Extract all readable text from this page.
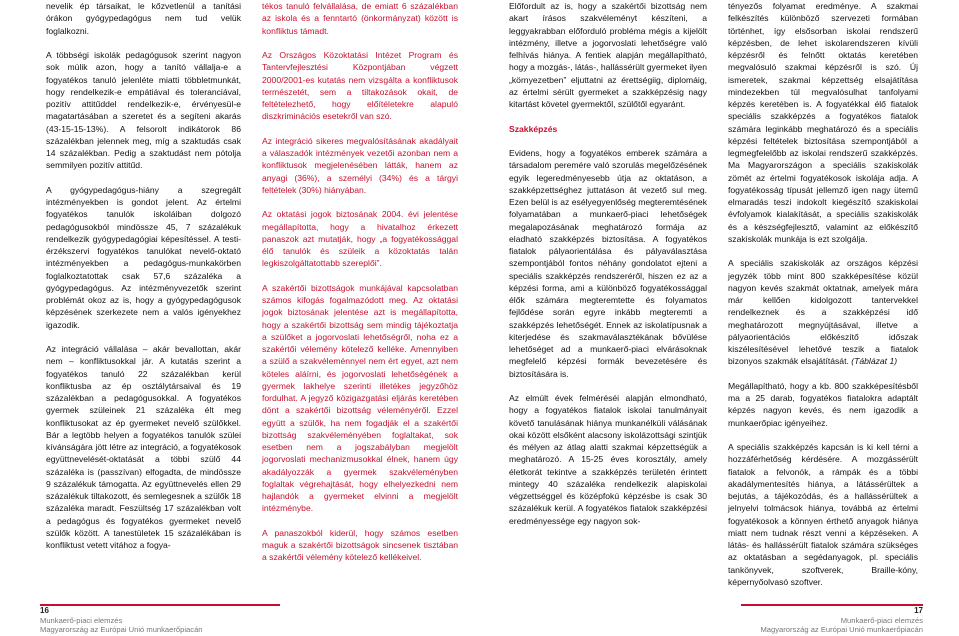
nevelik ép társaikat, le kőzvetlenül a tanítási órákon gyógypedagógus nem tud velük foglalkozni.

A többségi iskolák pedagógusok szerint nagyon sok múlik azon, hogy a tanító vállalja-e a fogyatékos tanuló jelenléte miatti többletmunkát, hogy rendelkezik-e empátiával és toleranciával, pozitív attitűddel rendelkezik-e, érvényesül-e magatartásában a szeretet és a segíteni akarás (43-15-15-13%). A felsorolt indikátorok 86 százalékban jelennek meg, míg a szaktudás csak 14 százalékban. Pedig a szaktudást nem pótolja semmilyen pozitív attitűd.

A gyógypedagógus-hiány a szegregált intézményekben is gondot jelent. Az értelmi fogyatékos tanulók iskoláiban dolgozó pedagógusokból mindössze 45, 7 százalékuk rendelkezik gyógypedagógiai képesítéssel. A testi-érzékszervi fogyatékos tanulókat nevelő-oktató intézményekben a pedagógus-munkakörben foglalkoztatottak csak 57,6 százaléka a gyógypedagógus. Az intézményvezetők szerint problémát okoz az is, hogy a gyógypedagógusok képzésének szerkezete nem a valós igényekhez igazodik.

Az integráció vállalása – akár bevallottan, akár nem – konfliktusokkal jár. A kutatás szerint a fogyatékos tanuló 22 százalékban kerül konfliktusba az ép osztálytársaival és 19 százalékban a pedagógusokkal. A fogyatékos gyermek szüleinek 21 százaléka élt meg konfliktusokat az ép gyermeket nevelő szülőkkel. Bár a legtöbb helyen a fogyatékos tanulók szülei kívánságára jött létre az integráció, a fogyatékosok együttnevelését-oktatását a többi szülő 44 százaléka is (passzívan) elfogadta, de mindössze 9 százalékuk támogatta. Az együttnevelés ellen 29 százalékuk tiltakozott, és semlegesnek a szülők 18 százaléka maradt. Feszültség 17 százalékban volt a pedagógus és fogyatékos gyermeket nevelő szülők között. A tanestületek 15 százalékában is konfliktust vetett vitához a fogya-

tékos tanuló felvállalása, de emiatt 6 százalékban az iskola és a fenntartó (önkormányzat) között is konfliktus támadt.

Az Országos Közoktatási Intézet Program és Tantervfejlesztési Központjában végzett 2000/2001-es kutatás nem vizsgálta a konfliktusok természetét, sem a tiltakozások okait, de feltételezhető, hogy előítéletekre alapuló diszkriminációs esetekről van szó.

Az integráció sikeres megvalósításának akadályait a válaszadók intézmények vezetői azonban nem a konfliktusok megjelenésében látták, hanem az anyagi (36%), a személyi (34%) és a tárgyi feltételek (30%) hiányában.

Az oktatási jogok biztosának 2004. évi jelentése megállapította, hogy a hivatalhoz érkezett panaszok azt mutatják, hogy „a fogyatékossággal élő tanulók és szüleik a közoktatás talán legkiszolgáltatottabb szereplői”.

A szakértői bizottságok munkájával kapcsolatban számos kifogás fogalmazódott meg. Az oktatási jogok biztosának jelentése azt is megállapította, hogy a szakértői bizottság sem mindig tájékoztatja a szülőket a jogorvoslati lehetőségről, noha ez a szakértői vélemény kötelező kelléke. Amennyiben a szülő a szakvéleménnyel nem ért egyet, azt nem köteles aláírni, és jogorvoslati lehetőségének a gyermek lakhelye szerinti illetékes jegyzőhöz fordulhat. A jegyző közigazgatási eljárás keretében dönt a szakértői bizottság véleményéről. Ezzel együtt a szülők, ha nem fogadják el a szakértői bizottság szakvéleményében foglaltakat, sok esetben nem a jogszabályban megjelölt jogorvoslati mechanizmusokkal élnek, hanem úgy akadályozzák a gyermek szakvéleményben foglaltak végrehajtását, hogy elhelyezkedni nem hajlandók a gyermeket elvinni a megjelölt intézménybe.

A panaszokból kiderül, hogy számos esetben maguk a szakértői bizottságok sincsenek tisztában a szakértői vélemény kötelező kellékeivel.

Előfordult az is, hogy a szakértői bizottság nem akart írásos szakvéleményt készíteni, a leggyakrabban előforduló probléma mégis a kijelölt intézmény, illetve a jogorvoslati lehetőségre való felhívás hiánya. A fentiek alapján megállapítható, hogy a mozgás-, látás-, hallássérült gyermeket ilyen „környezetben” eljuttatni az érettségiig, diplomáig, az értelmi sérült gyermeket a szakképzésig nagy kitartást követel gyermektől, szülőtől egyaránt.

Szakképzés

Evidens, hogy a fogyatékos emberek számára a társadalom peremére való szorulás megelőzésének egyik legeredményesebb útja az oktatáson, a szakképzettséghez juttatáson át vezető sul meg. Ezen belül is az esélyegyenlőség megteremtésének folyamatában a munkaerő-piaci lehetőségek megalapozásának meghatározó formája az eladható szakképzés biztosítása. A fogyatékos fiatalok pályaorientálása és pályaválasztása szempontjából fontos néhány gondolatot ejteni a speciális szakképzés rendszeréről, hiszen ez az a képzési forma, ami a különböző fogyatékossággal élők számára megteremtette és folyamatos fejlődése során egyre inkább megteremti a szakképzés lehetőségét. Ennek az iskolatípusnak a kiterjedése és szakmaválasztékának bővülése lehetőséget ad a munkaerő-piaci elvárásoknak megfelelő képzési formák bevezetésére és biztosítására is.

Az elmúlt évek felméréséi alapján elmondható, hogy a fogyatékos fiatalok iskolai tanulmányait követő tanulásának hiánya munkanélküli válásának okai között elsőként alacsony iskolázottsági szintjük és mélyen az átlag alatti szakmai képzettségük a meghatározó. A 15-25 éves korosztály, amely életkorát tekintve a szakképzés területén érintett mintegy 40 százaléka rendelkezik alapiskolai végzettséggel és középfokú képzésbe is csak 30 százalékuk kerül. A fogyatékos fiatalok szakképzési eredményessége egy nagyon sok-

tényezős folyamat eredménye. A szakmai felkészítés különböző szervezeti formában történhet, így elsősorban iskolai rendszerű képzésben, de lehet iskolarendszeren kívüli képzésről és felnőtt oktatás keretében megvalósuló szakmai képzésről is szó. Új ismeretek, szakmai képzettség elsajátítása mindezekben túl megvalósulhat tanfolyami képzés keretében is. A fogyatékkal élő fiatalok speciális szakképzés a fogyatékos fiatalok számára leginkább meghatározó és a speciális képzési feltételek biztosítása szempontjából a legmegfelelőbb az iskolai rendszerű szakképzés. Ma Magyarországon a speciális szakiskolák zömét az értelmi fogyatékosok iskolája adja. A fogyatékosság típusát jellemző igen nagy ütemű elmaradás teszi indokolt kiegészítő szakiskolai évfolyamok kialakítását, a speciális szakiskolák és a készségfejlesztő, valamint az előkészítő szakiskolák munkája is ezt szolgálja.

A speciális szakiskolák az országos képzési jegyzék több mint 800 szakképesítése közül nagyon kevés szakmát oktatnak, amelyek mára már kellően kidolgozott tantervekkel rendelkeznek és a szakképzési idő meghatározott megnyújtásával, illetve a pályaorientációs előkészítő időszak kiszélesítésével lehetővé teszik a fiatalok bizonyos szakmák elsajátítását. (Táblázat 1)

Megállapítható, hogy a kb. 800 szakképesítésből ma a 25 darab, fogyatékos fiatalokra adaptált képzés nagyon kevés, és nem igazodik a munkaerőpiac igényeihez.

A speciális szakképzés kapcsán is ki kell térni a hozzáférhetőség kérdésére. A mozgássérült fiatalok a felvonók, a rámpák és a többi akadálymentesítés hiánya, a látássérültek a bejutás, a tájékozódás, és a hallássérültek a jelnyelvi tolmácsok hiánya, továbbá az értelmi fogyatékosok a könnyen érthető anyagok hiánya miatt nem tudnak részt venni a képzéseken. A látás- és hallássérült fiatalok számára szükséges az oktatásban a segédanyagok, pl. speciális tankönyvek, szoftverek, Braille-kóny, képernyőolvasó szoftver.

16
Munkaerő-piaci elemzés
Magyarország az Európai Unió munkaerőpiacán
17
Munkaerő-piaci elemzés
Magyarország az Európai Unió munkaerőpiacán
